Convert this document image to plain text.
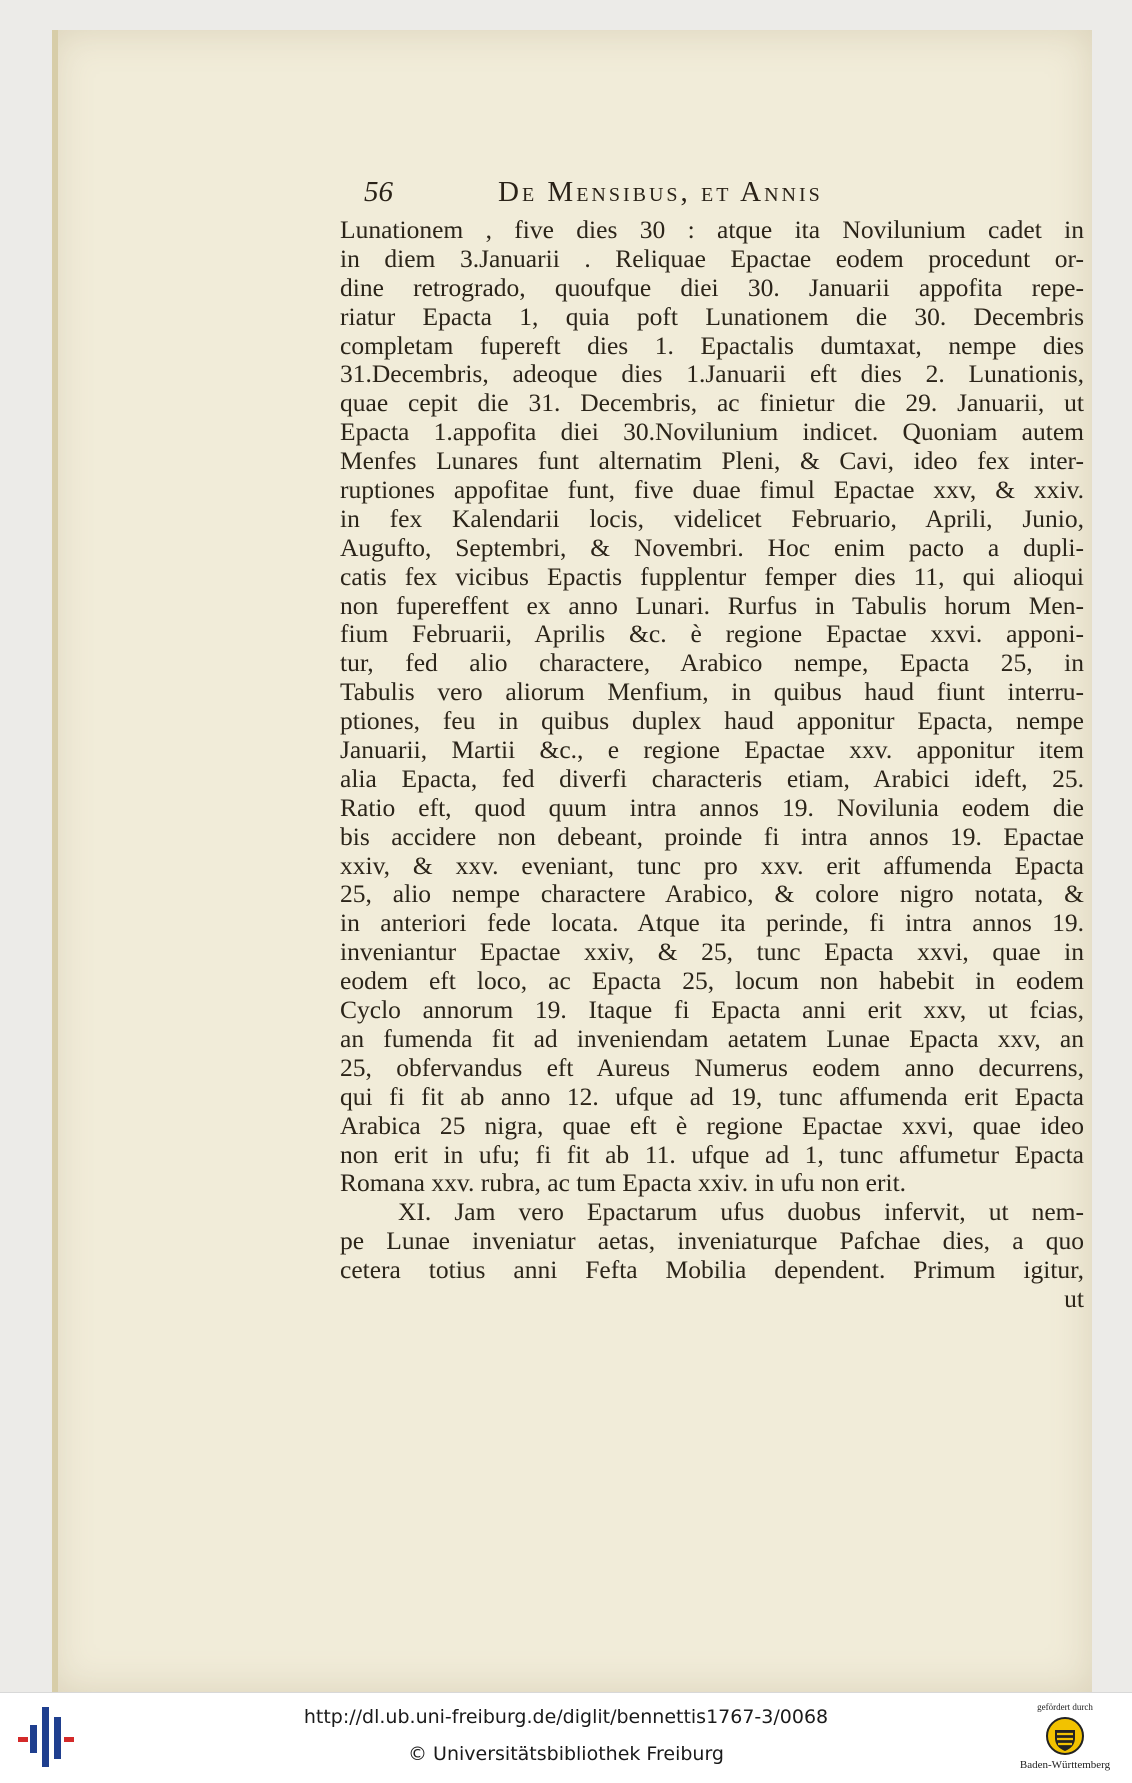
56	De Mensibus, et Annis
Lunationem , five dies 30 : atque ita Novilunium cadet in
in diem 3.Januarii . Reliquae Epactae eodem procedunt or-
dine retrogrado, quoufque diei 30. Januarii appofita repe-
riatur Epacta 1, quia poft Lunationem die 30. Decembris
completam fupereft dies 1. Epactalis dumtaxat, nempe dies
31.Decembris, adeoque dies 1.Januarii eft dies 2. Lunationis,
quae cepit die 31. Decembris, ac finietur die 29. Januarii, ut
Epacta 1.appofita diei 30.Novilunium indicet. Quoniam autem
Menfes Lunares funt alternatim Pleni, & Cavi, ideo fex inter-
ruptiones appofitae funt, five duae fimul Epactae xxv, & xxiv.
in fex Kalendarii locis, videlicet Februario, Aprili, Junio,
Augufto, Septembri, & Novembri. Hoc enim pacto a dupli-
catis fex vicibus Epactis fupplentur femper dies 11, qui alioqui
non fupereffent ex anno Lunari. Rurfus in Tabulis horum Men-
fium Februarii, Aprilis &c. è regione Epactae xxvi. apponi-
tur, fed alio charactere, Arabico nempe, Epacta 25, in
Tabulis vero aliorum Menfium, in quibus haud fiunt interru-
ptiones, feu in quibus duplex haud apponitur Epacta, nempe
Januarii, Martii &c., e regione Epactae xxv. apponitur item
alia Epacta, fed diverfi characteris etiam, Arabici ideft, 25.
Ratio eft, quod quum intra annos 19. Novilunia eodem die
bis accidere non debeant, proinde fi intra annos 19. Epactae
xxiv, & xxv. eveniant, tunc pro xxv. erit affumenda Epacta
25, alio nempe charactere Arabico, & colore nigro notata, &
in anteriori fede locata. Atque ita perinde, fi intra annos 19.
inveniantur Epactae xxiv, & 25, tunc Epacta xxvi, quae in
eodem eft loco, ac Epacta 25, locum non habebit in eodem
Cyclo annorum 19. Itaque fi Epacta anni erit xxv, ut fcias,
an fumenda fit ad inveniendam aetatem Lunae Epacta xxv, an
25, obfervandus eft Aureus Numerus eodem anno decurrens,
qui fi fit ab anno 12. ufque ad 19, tunc affumenda erit Epacta
Arabica 25 nigra, quae eft è regione Epactae xxvi, quae ideo
non erit in ufu; fi fit ab 11. ufque ad 1, tunc affumetur Epacta
Romana xxv. rubra, ac tum Epacta xxiv. in ufu non erit.
XI. Jam vero Epactarum ufus duobus infervit, ut nem-
pe Lunae inveniatur aetas, inveniaturque Pafchae dies, a quo
cetera totius anni Fefta Mobilia dependent. Primum igitur,
ut
http://dl.ub.uni-freiburg.de/diglit/bennettis1767-3/0068
© Universitätsbibliothek Freiburg
gefördert durch
Baden-Württemberg
